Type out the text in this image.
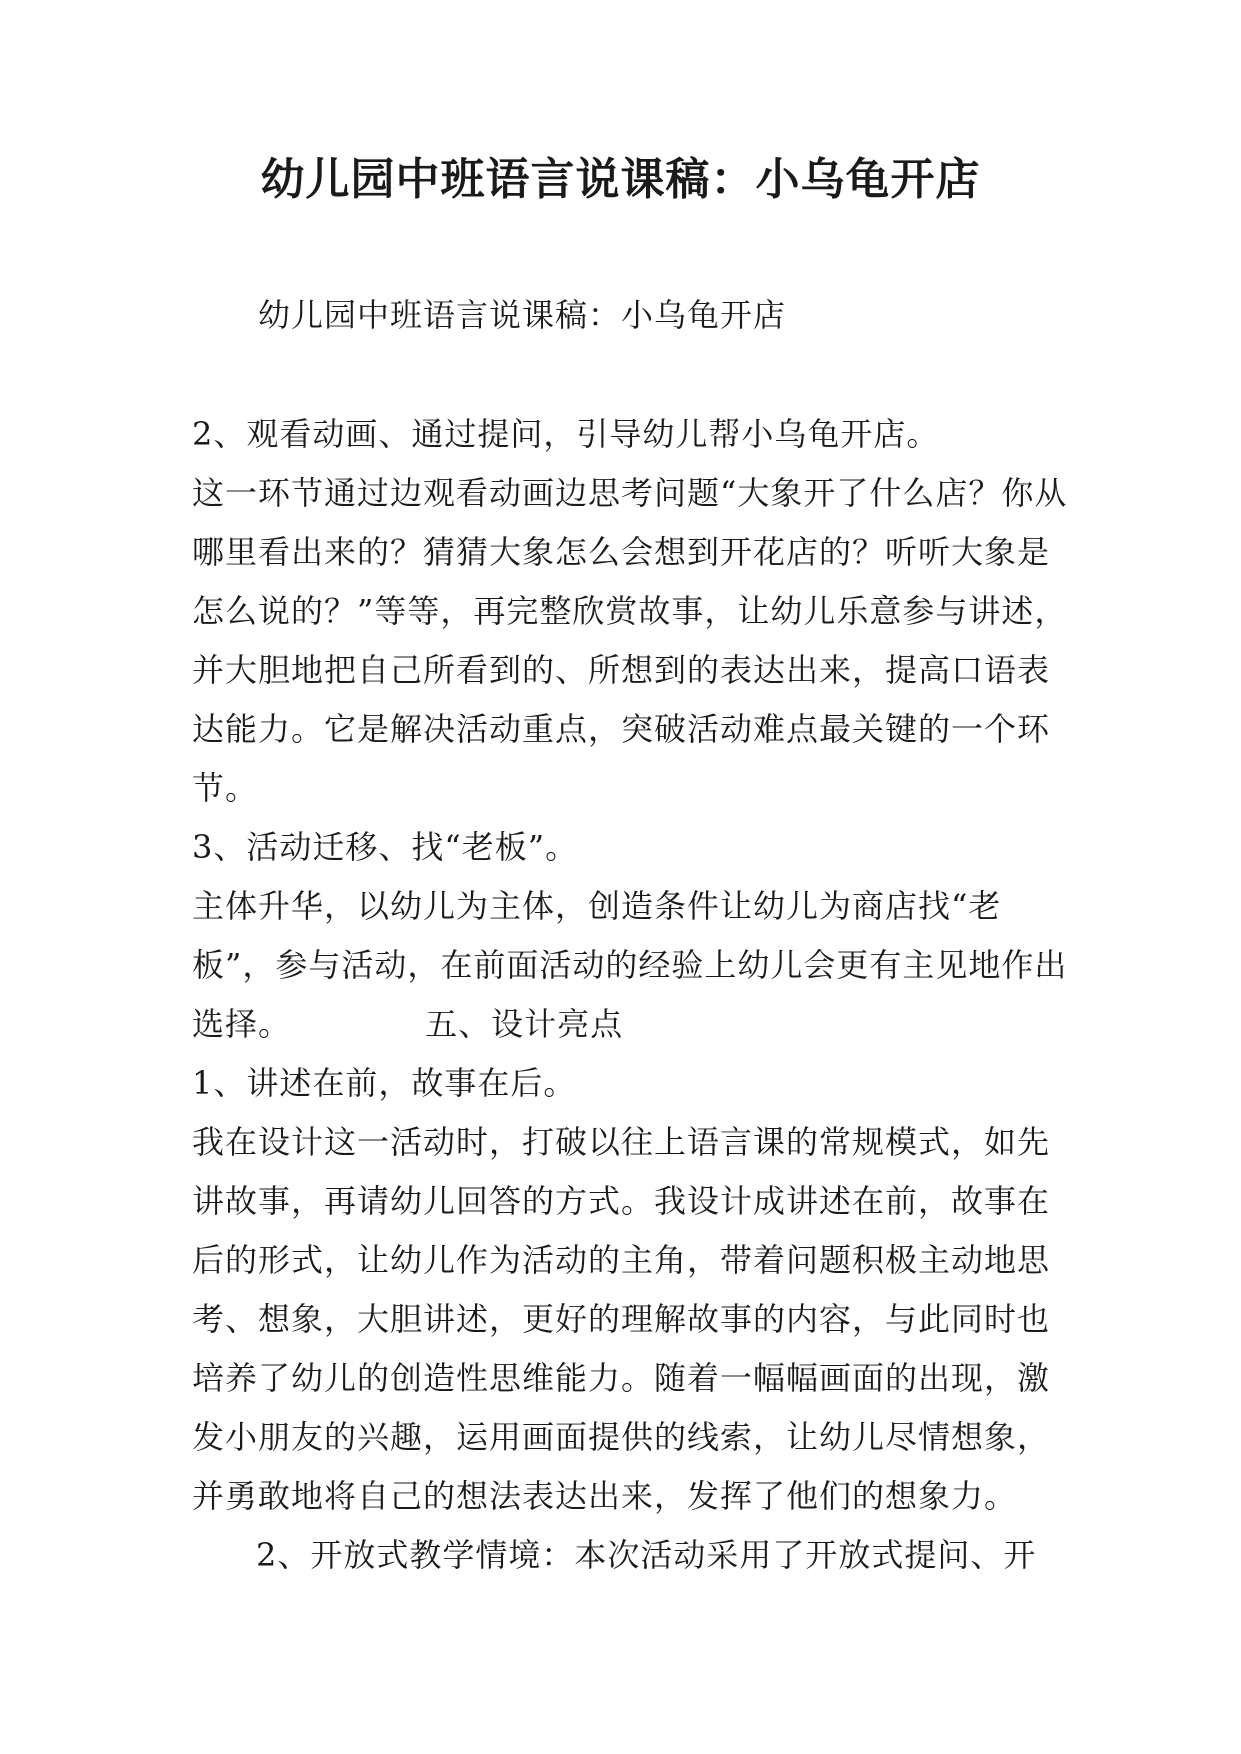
幼儿园中班语言说课稿：小乌龟开店

幼儿园中班语言说课稿：小乌龟开店

2、观看动画、通过提问，引导幼儿帮小乌龟开店。

这一环节通过边观看动画边思考问题“大象开了什么店？你从哪里看出来的？猜猜大象怎么会想到开花店的？听听大象是怎么说的？”等等，再完整欣赏故事，让幼儿乐意参与讲述，并大胆地把自己所看到的、所想到的表达出来，提高口语表达能力。它是解决活动重点，突破活动难点最关键的一个环节。

3、活动迁移、找“老板”。

主体升华，以幼儿为主体，创造条件让幼儿为商店找“老板”，参与活动，在前面活动的经验上幼儿会更有主见地作出选择。            五、设计亮点

1、讲述在前，故事在后。

我在设计这一活动时，打破以往上语言课的常规模式，如先讲故事，再请幼儿回答的方式。我设计成讲述在前，故事在后的形式，让幼儿作为活动的主角，带着问题积极主动地思考、想象，大胆讲述，更好的理解故事的内容，与此同时也培养了幼儿的创造性思维能力。随着一幅幅画面的出现，激发小朋友的兴趣，运用画面提供的线索，让幼儿尽情想象，并勇敢地将自己的想法表达出来，发挥了他们的想象力。

2、开放式教学情境：本次活动采用了开放式提问、开
